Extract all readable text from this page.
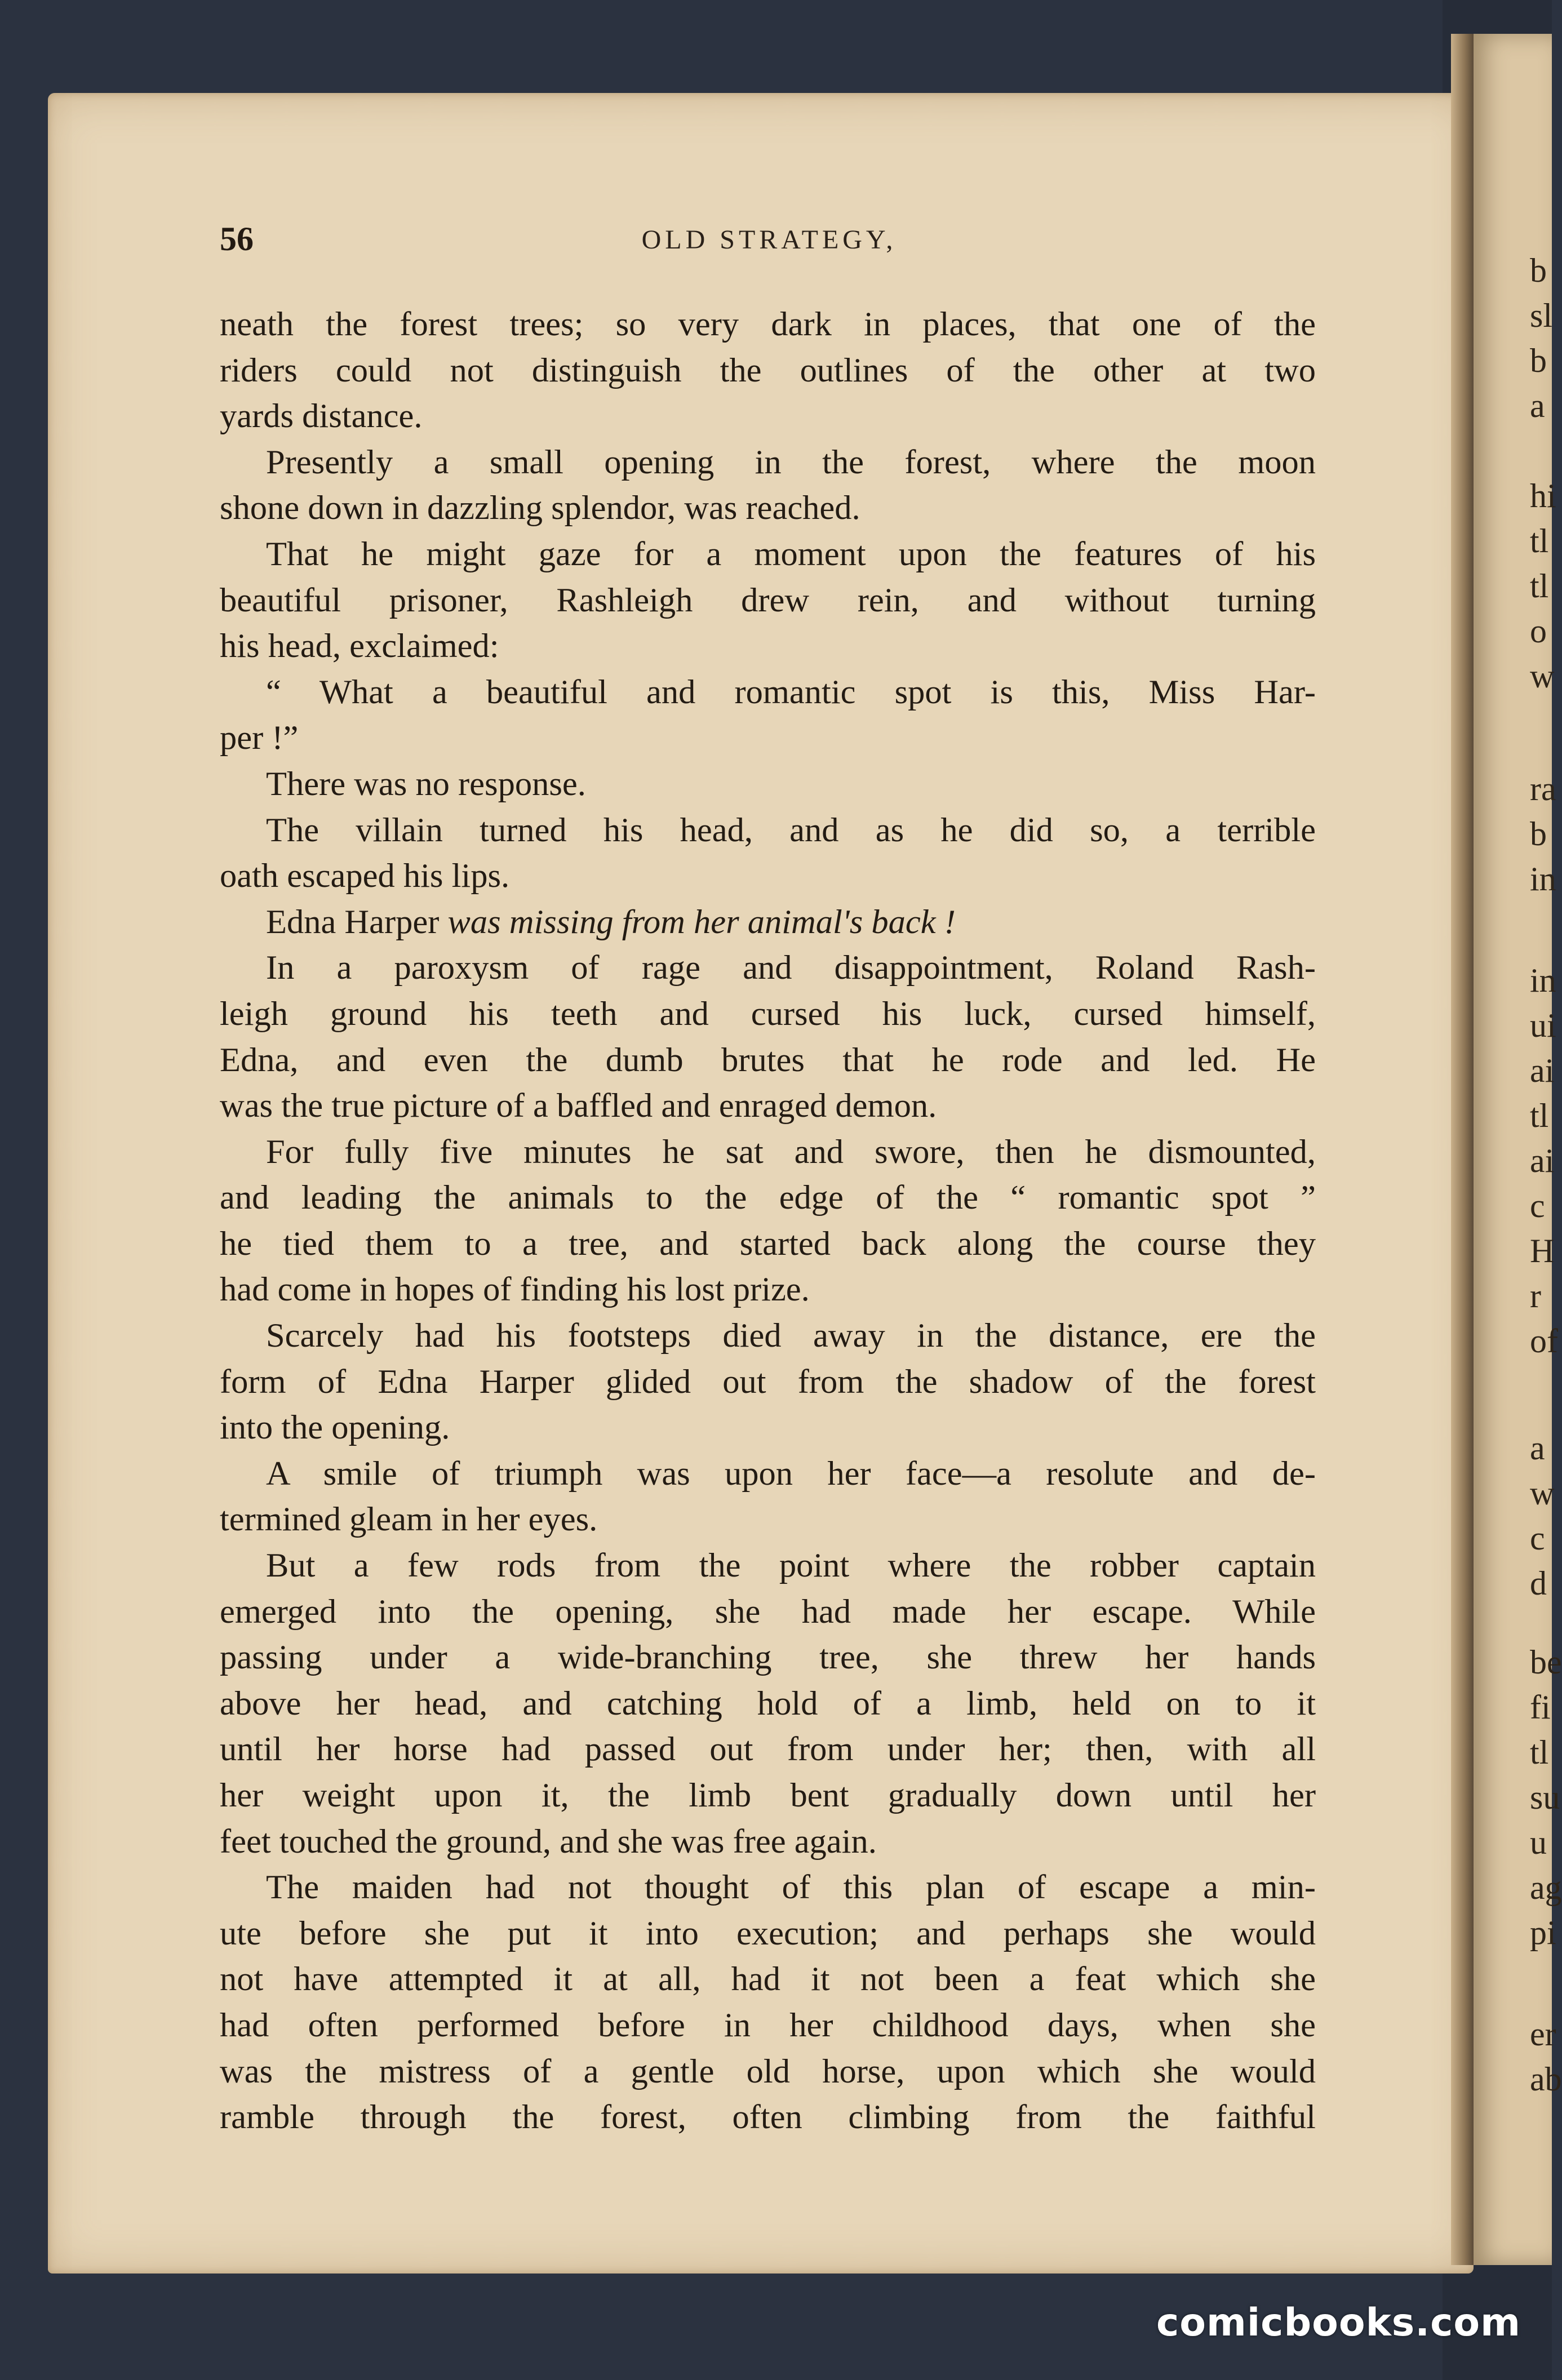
b
sl
b
a
hi
tl
tl
o
w
ra
b
in
in
ui
ai
tl
ai
c
H
r
of
a
w
c
d
be
fi
tl
su
u
ag
pi
er
ab
56	OLD STRATEGY,
neath the forest trees; so very dark in places, that one of the
riders could not distinguish the outlines of the other at two
yards distance.
Presently a small opening in the forest, where the moon
shone down in dazzling splendor, was reached.
That he might gaze for a moment upon the features of his
beautiful prisoner, Rashleigh drew rein, and without turning
his head, exclaimed:
“ What a beautiful and romantic spot is this, Miss Har-
per !”
There was no response.
The villain turned his head, and as he did so, a terrible
oath escaped his lips.
Edna Harper was missing from her animal's back !
In a paroxysm of rage and disappointment, Roland Rash-
leigh ground his teeth and cursed his luck, cursed himself,
Edna, and even the dumb brutes that he rode and led. He
was the true picture of a baffled and enraged demon.
For fully five minutes he sat and swore, then he dismounted,
and leading the animals to the edge of the “ romantic spot ”
he tied them to a tree, and started back along the course they
had come in hopes of finding his lost prize.
Scarcely had his footsteps died away in the distance, ere the
form of Edna Harper glided out from the shadow of the forest
into the opening.
A smile of triumph was upon her face—a resolute and de-
termined gleam in her eyes.
But a few rods from the point where the robber captain
emerged into the opening, she had made her escape. While
passing under a wide-branching tree, she threw her hands
above her head, and catching hold of a limb, held on to it
until her horse had passed out from under her; then, with all
her weight upon it, the limb bent gradually down until her
feet touched the ground, and she was free again.
The maiden had not thought of this plan of escape a min-
ute before she put it into execution; and perhaps she would
not have attempted it at all, had it not been a feat which she
had often performed before in her childhood days, when she
was the mistress of a gentle old horse, upon which she would
ramble through the forest, often climbing from the faithful
comicbooks.com
